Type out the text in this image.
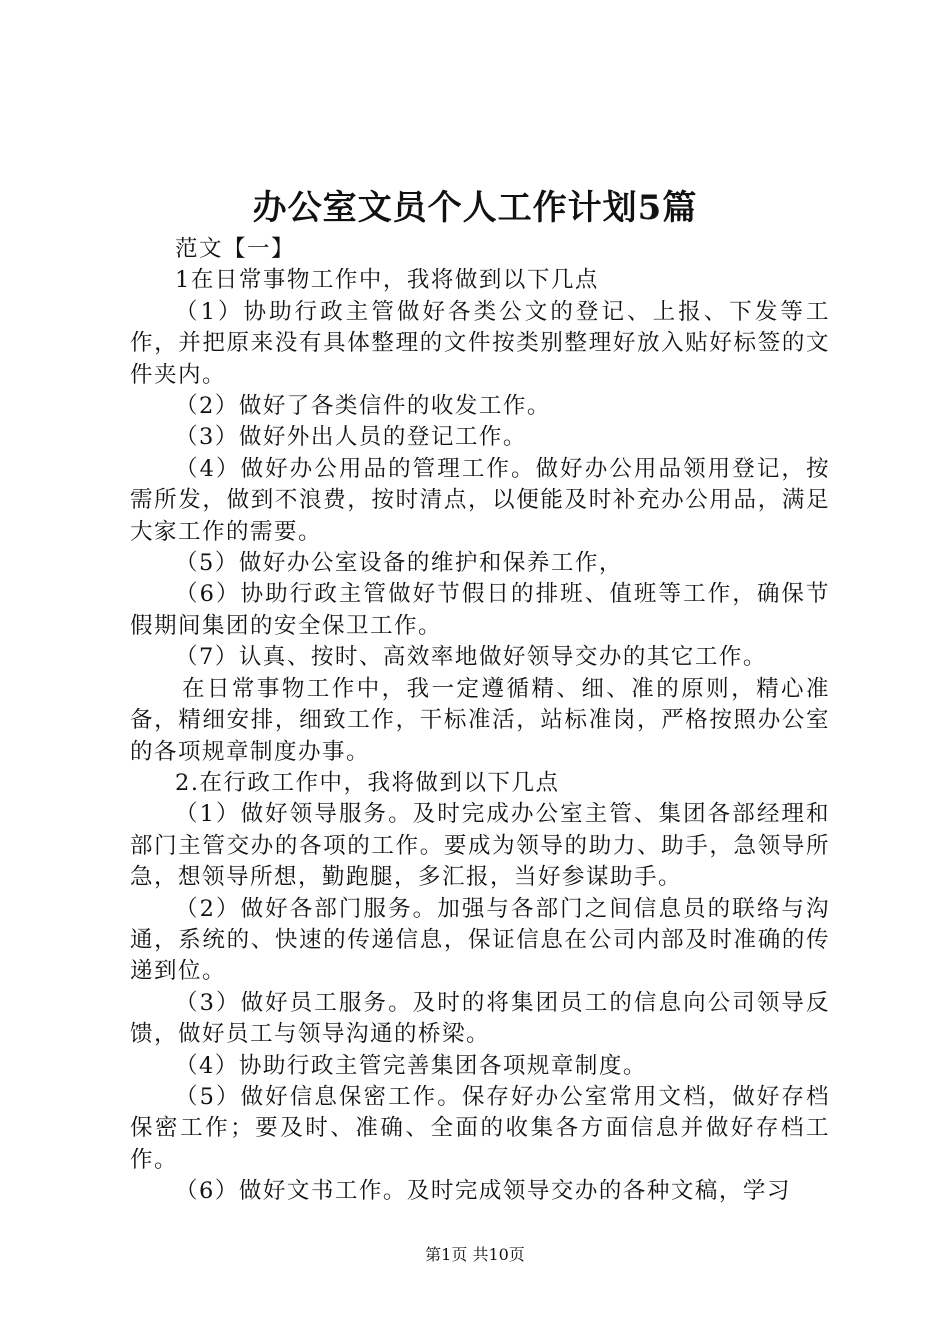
办公室文员个人工作计划5篇

范文【一】

1在日常事物工作中，我将做到以下几点

（1）协助行政主管做好各类公文的登记、上报、下发等工作，并把原来没有具体整理的文件按类别整理好放入贴好标签的文件夹内。

（2）做好了各类信件的收发工作。

（3）做好外出人员的登记工作。

（4）做好办公用品的管理工作。做好办公用品领用登记，按需所发，做到不浪费，按时清点，以便能及时补充办公用品，满足大家工作的需要。

（5）做好办公室设备的维护和保养工作，

（6）协助行政主管做好节假日的排班、值班等工作，确保节假期间集团的安全保卫工作。

（7）认真、按时、高效率地做好领导交办的其它工作。

在日常事物工作中，我一定遵循精、细、准的原则，精心准备，精细安排，细致工作，干标准活，站标准岗，严格按照办公室的各项规章制度办事。

2.在行政工作中，我将做到以下几点

（1）做好领导服务。及时完成办公室主管、集团各部经理和部门主管交办的各项的工作。要成为领导的助力、助手，急领导所急，想领导所想，勤跑腿，多汇报，当好参谋助手。

（2）做好各部门服务。加强与各部门之间信息员的联络与沟通，系统的、快速的传递信息，保证信息在公司内部及时准确的传递到位。

（3）做好员工服务。及时的将集团员工的信息向公司领导反馈，做好员工与领导沟通的桥梁。

（4）协助行政主管完善集团各项规章制度。

（5）做好信息保密工作。保存好办公室常用文档，做好存档保密工作；要及时、准确、全面的收集各方面信息并做好存档工作。

（6）做好文书工作。及时完成领导交办的各种文稿，学习

第1页 共10页
